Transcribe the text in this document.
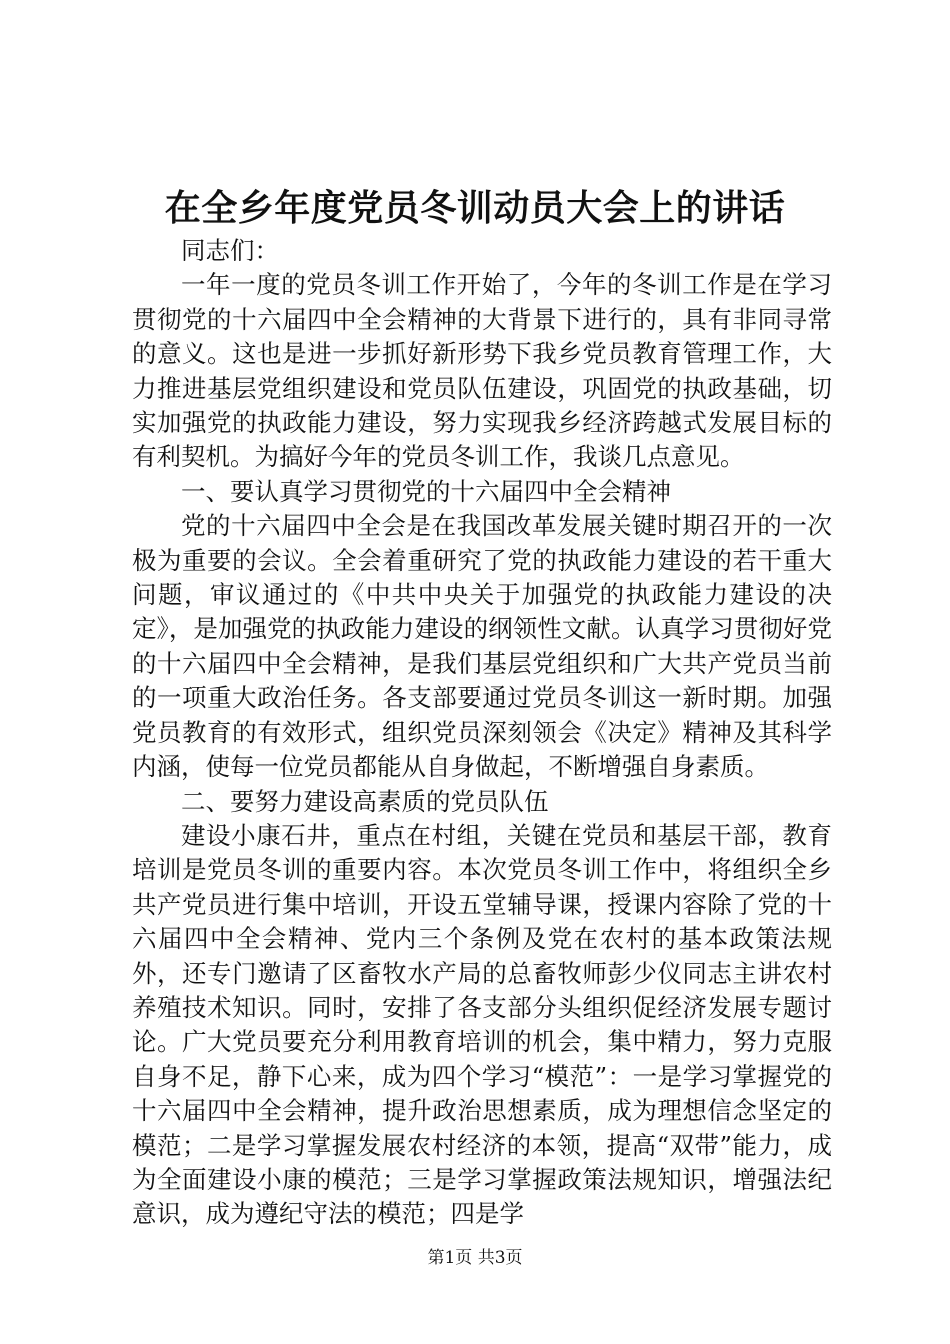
在全乡年度党员冬训动员大会上的讲话

同志们：

一年一度的党员冬训工作开始了，今年的冬训工作是在学习贯彻党的十六届四中全会精神的大背景下进行的，具有非同寻常的意义。这也是进一步抓好新形势下我乡党员教育管理工作，大力推进基层党组织建设和党员队伍建设，巩固党的执政基础，切实加强党的执政能力建设，努力实现我乡经济跨越式发展目标的有利契机。为搞好今年的党员冬训工作，我谈几点意见。

一、要认真学习贯彻党的十六届四中全会精神

党的十六届四中全会是在我国改革发展关键时期召开的一次极为重要的会议。全会着重研究了党的执政能力建设的若干重大问题，审议通过的《中共中央关于加强党的执政能力建设的决定》，是加强党的执政能力建设的纲领性文献。认真学习贯彻好党的十六届四中全会精神，是我们基层党组织和广大共产党员当前的一项重大政治任务。各支部要通过党员冬训这一新时期。加强党员教育的有效形式，组织党员深刻领会《决定》精神及其科学内涵，使每一位党员都能从自身做起，不断增强自身素质。

二、要努力建设高素质的党员队伍

建设小康石井，重点在村组，关键在党员和基层干部，教育培训是党员冬训的重要内容。本次党员冬训工作中，将组织全乡共产党员进行集中培训，开设五堂辅导课，授课内容除了党的十六届四中全会精神、党内三个条例及党在农村的基本政策法规外，还专门邀请了区畜牧水产局的总畜牧师彭少仪同志主讲农村养殖技术知识。同时，安排了各支部分头组织促经济发展专题讨论。广大党员要充分利用教育培训的机会，集中精力，努力克服自身不足，静下心来，成为四个学习“模范”：一是学习掌握党的十六届四中全会精神，提升政治思想素质，成为理想信念坚定的模范；二是学习掌握发展农村经济的本领，提高“双带”能力，成为全面建设小康的模范；三是学习掌握政策法规知识，增强法纪意识，成为遵纪守法的模范；四是学

第1页 共3页
